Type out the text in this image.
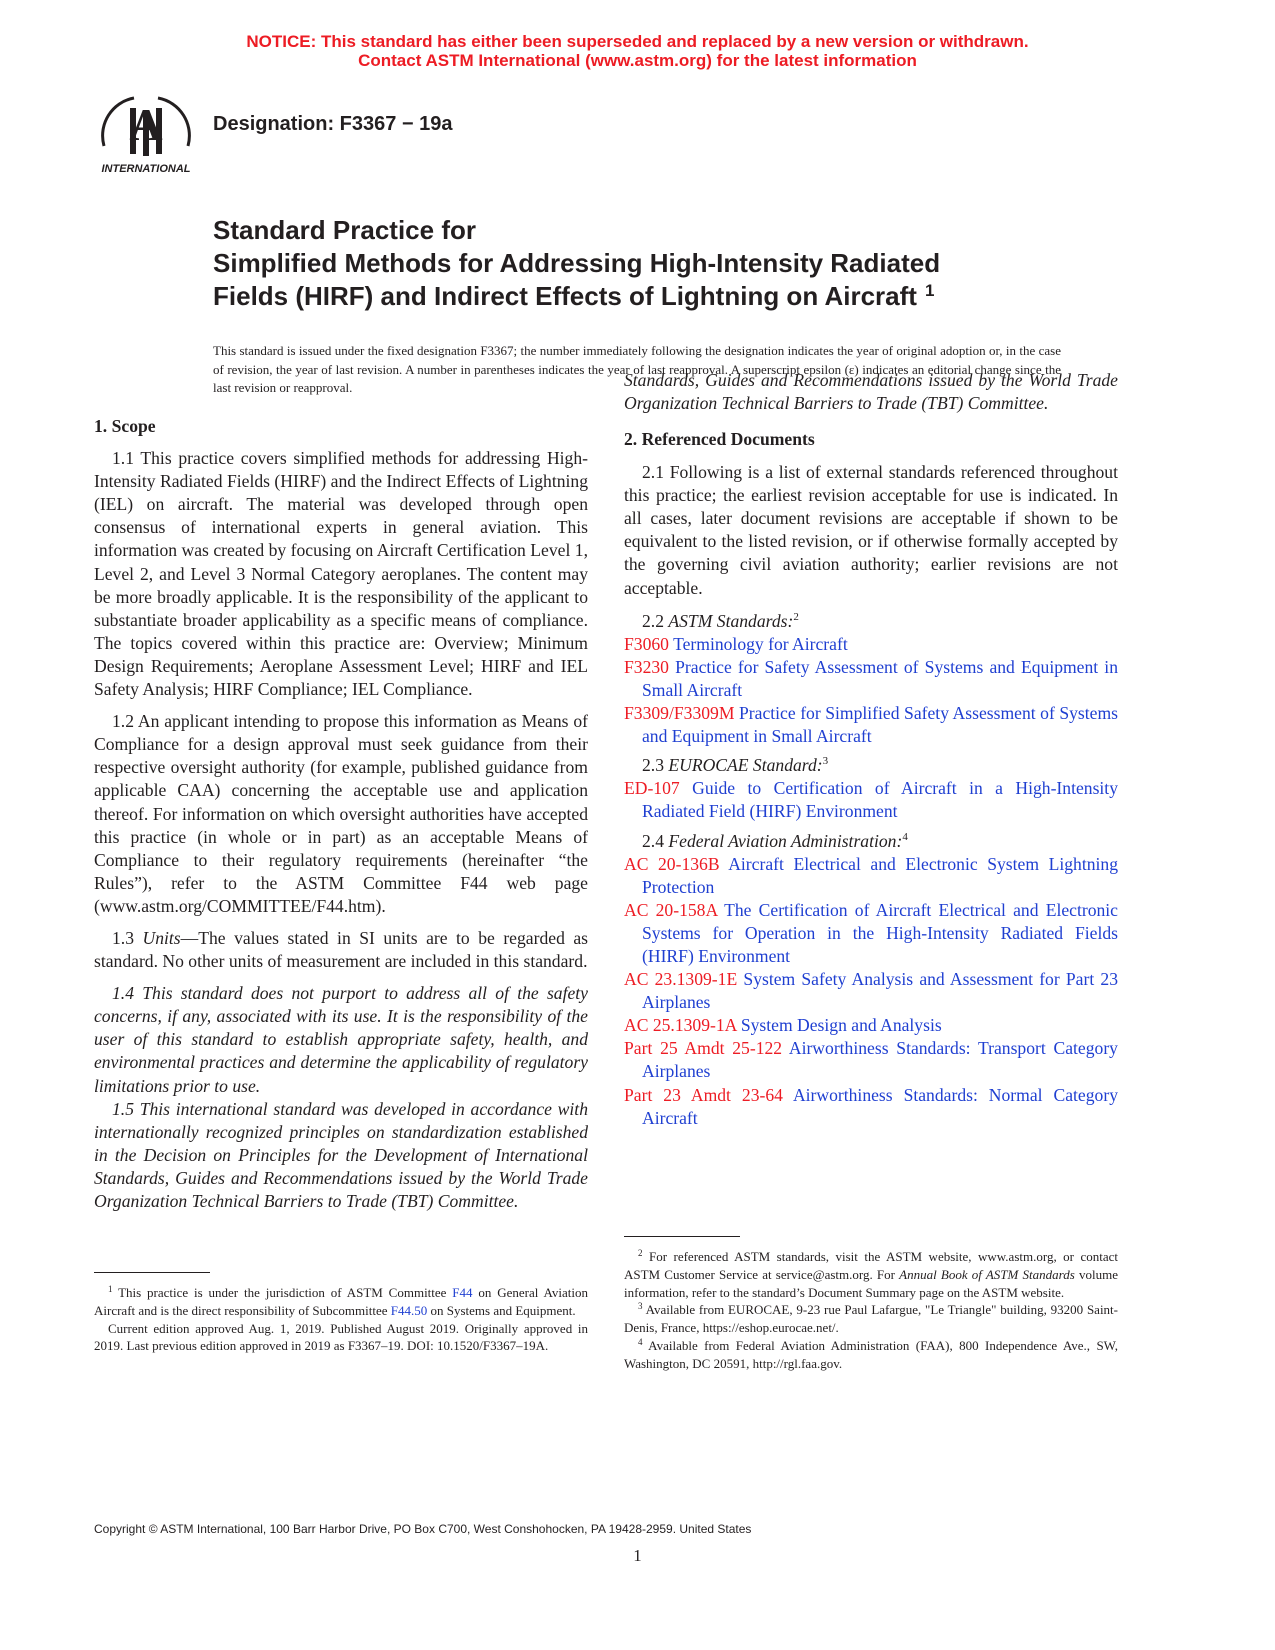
NOTICE: This standard has either been superseded and replaced by a new version or withdrawn.
Contact ASTM International (www.astm.org) for the latest information
INTERNATIONAL
Designation: F3367 − 19a
Standard Practice for
Simplified Methods for Addressing High-Intensity Radiated
Fields (HIRF) and Indirect Effects of Lightning on Aircraft $^1$
This standard is issued under the fixed designation F3367; the number immediately following the designation indicates the year of original adoption or, in the case of revision, the year of last revision. A number in parentheses indicates the year of last reapproval. A superscript epsilon (ε) indicates an editorial change since the last revision or reapproval.

1. Scope

1.1 This practice covers simplified methods for addressing High-Intensity Radiated Fields (HIRF) and the Indirect Effects of Lightning (IEL) on aircraft. The material was developed through open consensus of international experts in general aviation. This information was created by focusing on Aircraft Certification Level 1, Level 2, and Level 3 Normal Category aeroplanes. The content may be more broadly applicable. It is the responsibility of the applicant to substantiate broader applicability as a specific means of compliance. The topics covered within this practice are: Overview; Minimum Design Requirements; Aeroplane Assessment Level; HIRF and IEL Safety Analysis; HIRF Compliance; IEL Compliance.

1.2 An applicant intending to propose this information as Means of Compliance for a design approval must seek guidance from their respective oversight authority (for example, published guidance from applicable CAA) concerning the acceptable use and application thereof. For information on which oversight authorities have accepted this practice (in whole or in part) as an acceptable Means of Compliance to their regulatory requirements (hereinafter “the Rules”), refer to the ASTM Committee F44 web page (www.astm.org/COMMITTEE/F44.htm).

1.3 Units—The values stated in SI units are to be regarded as standard. No other units of measurement are included in this standard.

1.4 This standard does not purport to address all of the safety concerns, if any, associated with its use. It is the responsibility of the user of this standard to establish appropriate safety, health, and environmental practices and determine the applicability of regulatory limitations prior to use.

1.5 This international standard was developed in accordance with internationally recognized principles on standardization established in the Decision on Principles for the Development of International Standards, Guides and Recommendations issued by the World Trade Organization Technical Barriers to Trade (TBT) Committee.

Standards, Guides and Recommendations issued by the World Trade Organization Technical Barriers to Trade (TBT) Committee.

2. Referenced Documents

2.1 Following is a list of external standards referenced throughout this practice; the earliest revision acceptable for use is indicated. In all cases, later document revisions are acceptable if shown to be equivalent to the listed revision, or if otherwise formally accepted by the governing civil aviation authority; earlier revisions are not acceptable.

2.2 ASTM Standards:$^2$

F3060 Terminology for Aircraft

F3230 Practice for Safety Assessment of Systems and Equipment in Small Aircraft

F3309/F3309M Practice for Simplified Safety Assessment of Systems and Equipment in Small Aircraft

2.3 EUROCAE Standard:$^3$

ED-107 Guide to Certification of Aircraft in a High-Intensity Radiated Field (HIRF) Environment

2.4 Federal Aviation Administration:$^4$

AC 20-136B Aircraft Electrical and Electronic System Lightning Protection

AC 20-158A The Certification of Aircraft Electrical and Electronic Systems for Operation in the High-Intensity Radiated Fields (HIRF) Environment

AC 23.1309-1E System Safety Analysis and Assessment for Part 23 Airplanes

AC 25.1309-1A System Design and Analysis

Part 25 Amdt 25-122 Airworthiness Standards: Transport Category Airplanes

Part 23 Amdt 23-64 Airworthiness Standards: Normal Category Aircraft

$^1$ This practice is under the jurisdiction of ASTM Committee F44 on General Aviation Aircraft and is the direct responsibility of Subcommittee F44.50 on Systems and Equipment.

Current edition approved Aug. 1, 2019. Published August 2019. Originally approved in 2019. Last previous edition approved in 2019 as F3367–19. DOI: 10.1520/F3367–19A.

$^2$ For referenced ASTM standards, visit the ASTM website, www.astm.org, or contact ASTM Customer Service at service@astm.org. For Annual Book of ASTM Standards volume information, refer to the standard’s Document Summary page on the ASTM website.

$^3$ Available from EUROCAE, 9-23 rue Paul Lafargue, "Le Triangle" building, 93200 Saint-Denis, France, https://eshop.eurocae.net/.

$^4$ Available from Federal Aviation Administration (FAA), 800 Independence Ave., SW, Washington, DC 20591, http://rgl.faa.gov.

Copyright © ASTM International, 100 Barr Harbor Drive, PO Box C700, West Conshohocken, PA 19428-2959. United States
1
